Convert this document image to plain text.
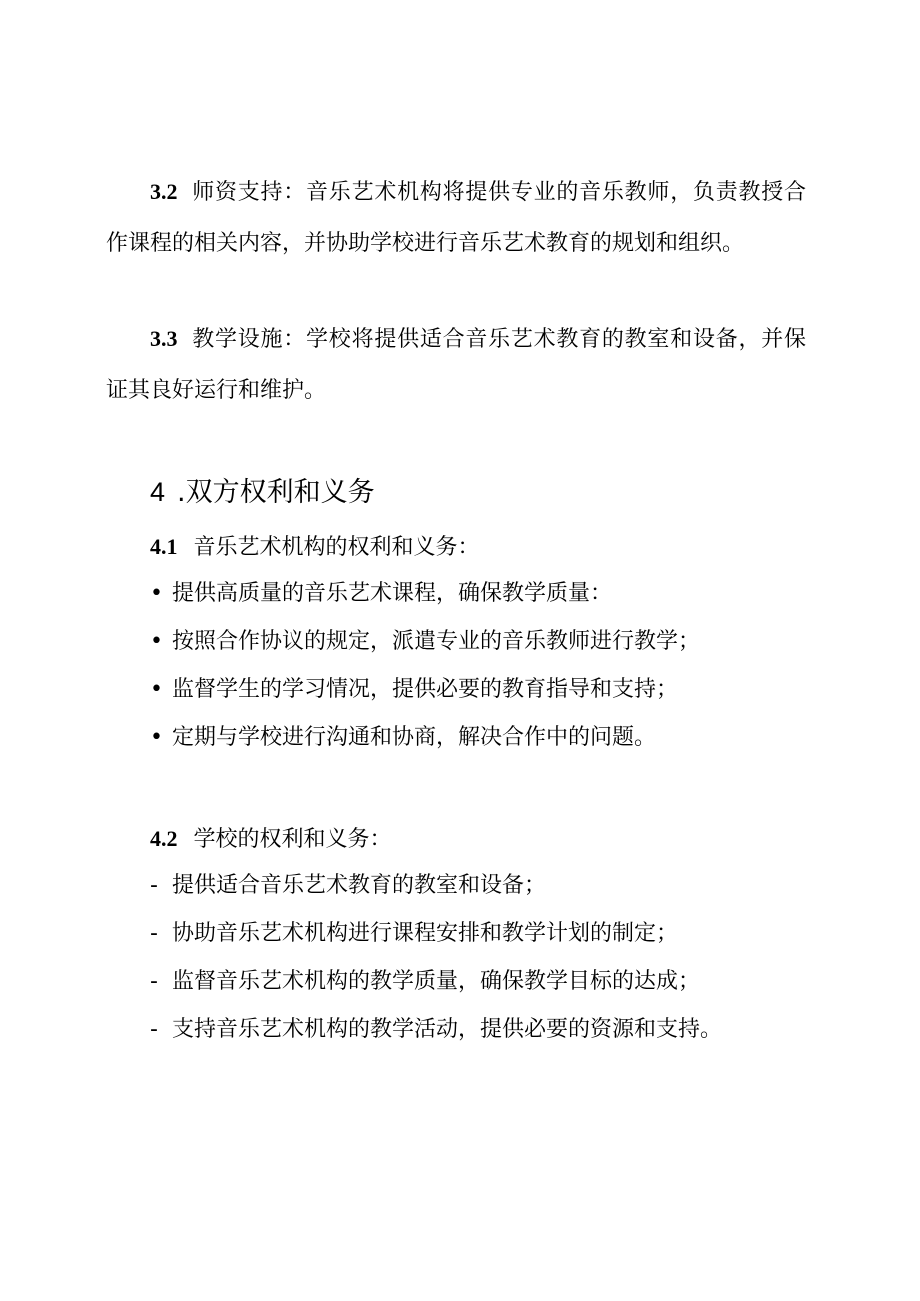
3.2 师资支持：音乐艺术机构将提供专业的音乐教师，负责教授合作课程的相关内容，并协助学校进行音乐艺术教育的规划和组织。

3.3 教学设施：学校将提供适合音乐艺术教育的教室和设备，并保证其良好运行和维护。

4 .双方权利和义务
4.1 音乐艺术机构的权利和义务：
• 提供高质量的音乐艺术课程，确保教学质量：
• 按照合作协议的规定，派遣专业的音乐教师进行教学；
• 监督学生的学习情况，提供必要的教育指导和支持；
• 定期与学校进行沟通和协商，解决合作中的问题。
4.2 学校的权利和义务：
- 提供适合音乐艺术教育的教室和设备；
- 协助音乐艺术机构进行课程安排和教学计划的制定；
- 监督音乐艺术机构的教学质量，确保教学目标的达成；
- 支持音乐艺术机构的教学活动，提供必要的资源和支持。
